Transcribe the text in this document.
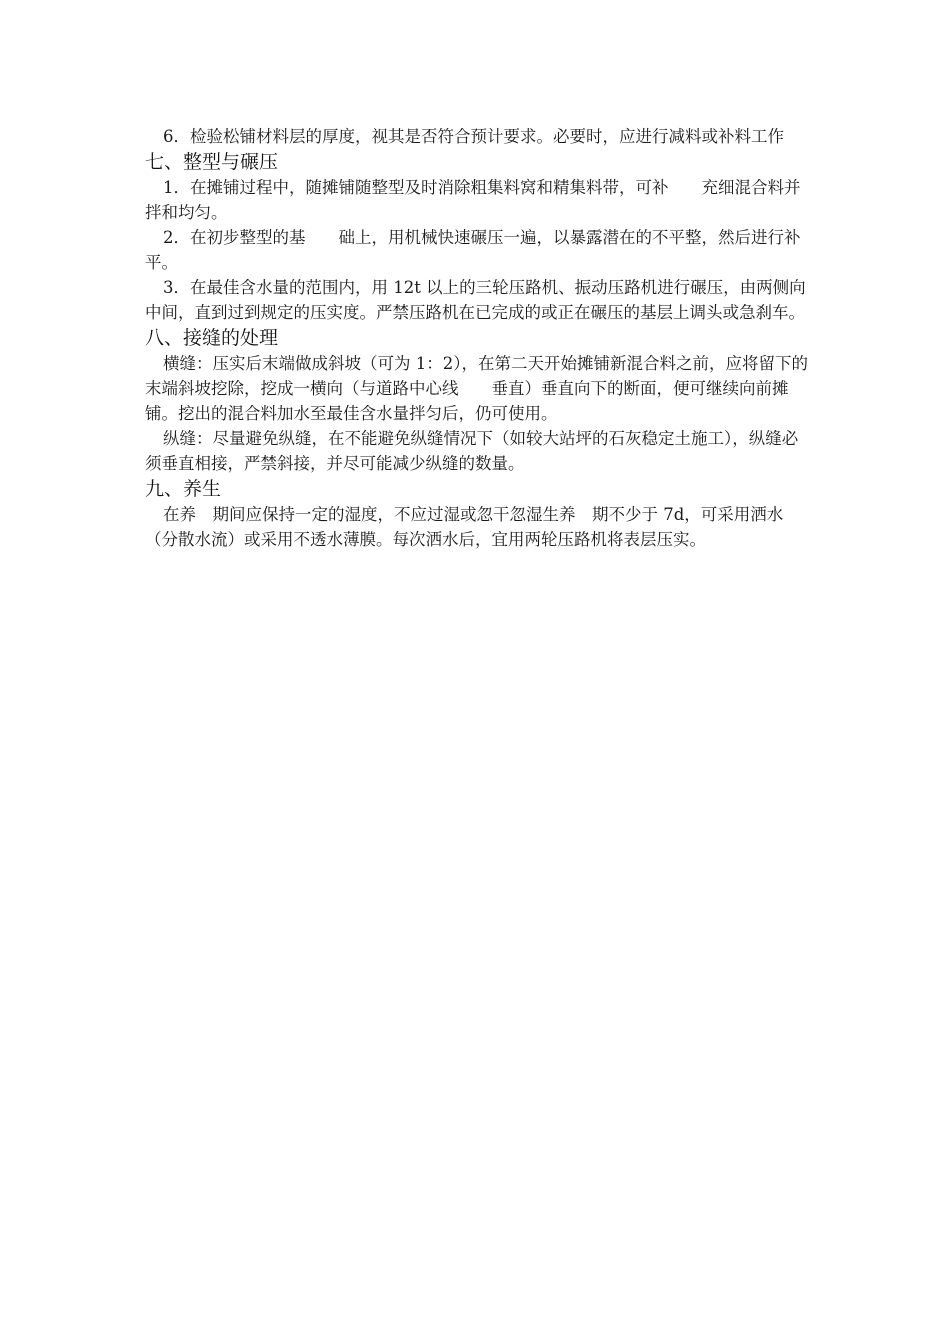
6．检验松铺材料层的厚度，视其是否符合预计要求。必要时，应进行减料或补料工作

七、整型与碾压

1．在摊铺过程中，随摊铺随整型及时消除粗集料窝和精集料带，可补　　充细混合料并拌和均匀。

2．在初步整型的基　　础上，用机械快速碾压一遍，以暴露潜在的不平整，然后进行补平。

3．在最佳含水量的范围内，用 12t 以上的三轮压路机、振动压路机进行碾压，由两侧向中间，直到过到规定的压实度。严禁压路机在已完成的或正在碾压的基层上调头或急刹车。

八、接缝的处理

横缝：压实后末端做成斜坡（可为 1：2），在第二天开始摊铺新混合料之前，应将留下的末端斜坡挖除，挖成一横向（与道路中心线　　垂直）垂直向下的断面，便可继续向前摊铺。挖出的混合料加水至最佳含水量拌匀后，仍可使用。

纵缝：尽量避免纵缝，在不能避免纵缝情况下（如较大站坪的石灰稳定土施工），纵缝必须垂直相接，严禁斜接，并尽可能减少纵缝的数量。

九、养生

在养　期间应保持一定的湿度，不应过湿或忽干忽湿生养　期不少于 7d，可采用洒水（分散水流）或采用不透水薄膜。每次洒水后，宜用两轮压路机将表层压实。
